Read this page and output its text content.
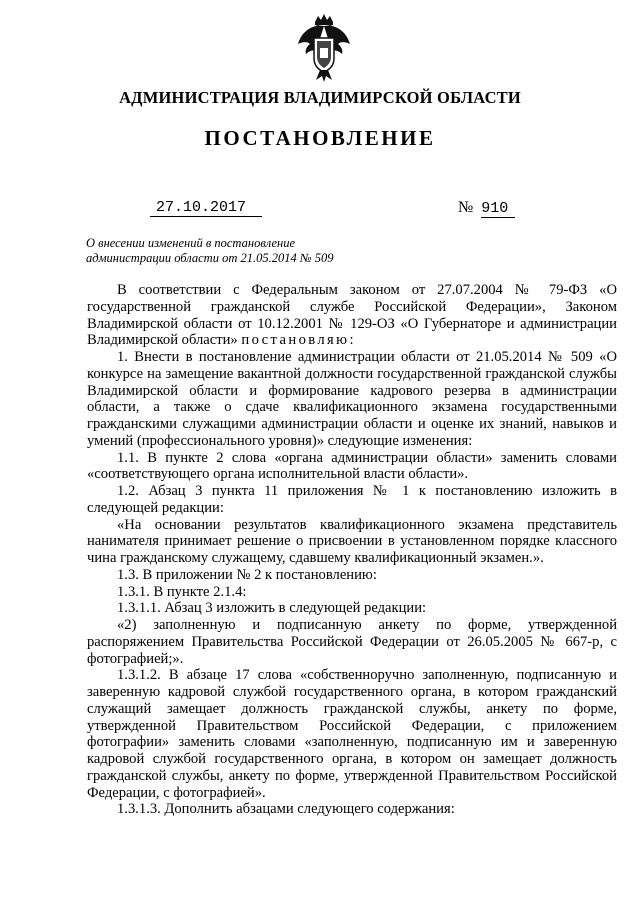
АДМИНИСТРАЦИЯ ВЛАДИМИРСКОЙ ОБЛАСТИ
ПОСТАНОВЛЕНИЕ
27.10.2017	№ 910
О внесении изменений в постановление
администрации области от 21.05.2014 № 509

В соответствии с Федеральным законом от 27.07.2004 № 79-ФЗ «О государственной гражданской службе Российской Федерации», Законом Владимирской области от 10.12.2001 № 129-ОЗ «О Губернаторе и администрации Владимирской области» постановляю:

1. Внести в постановление администрации области от 21.05.2014 № 509 «О конкурсе на замещение вакантной должности государственной гражданской службы Владимирской области и формирование кадрового резерва в администрации области, а также о сдаче квалификационного экзамена государственными гражданскими служащими администрации области и оценке их знаний, навыков и умений (профессионального уровня)» следующие изменения:

1.1. В пункте 2 слова «органа администрации области» заменить словами «соответствующего органа исполнительной власти области».

1.2. Абзац 3 пункта 11 приложения № 1 к постановлению изложить в следующей редакции:

«На основании результатов квалификационного экзамена представитель нанимателя принимает решение о присвоении в установленном порядке классного чина гражданскому служащему, сдавшему квалификационный экзамен.».

1.3. В приложении № 2 к постановлению:

1.3.1. В пункте 2.1.4:

1.3.1.1. Абзац 3 изложить в следующей редакции:

«2) заполненную и подписанную анкету по форме, утвержденной распоряжением Правительства Российской Федерации от 26.05.2005 № 667-р, с фотографией;».

1.3.1.2. В абзаце 17 слова «собственноручно заполненную, подписанную и заверенную кадровой службой государственного органа, в котором гражданский служащий замещает должность гражданской службы, анкету по форме, утвержденной Правительством Российской Федерации, с приложением фотографии» заменить словами «заполненную, подписанную им и заверенную кадровой службой государственного органа, в котором он замещает должность гражданской службы, анкету по форме, утвержденной Правительством Российской Федерации, с фотографией».

1.3.1.3. Дополнить абзацами следующего содержания:
